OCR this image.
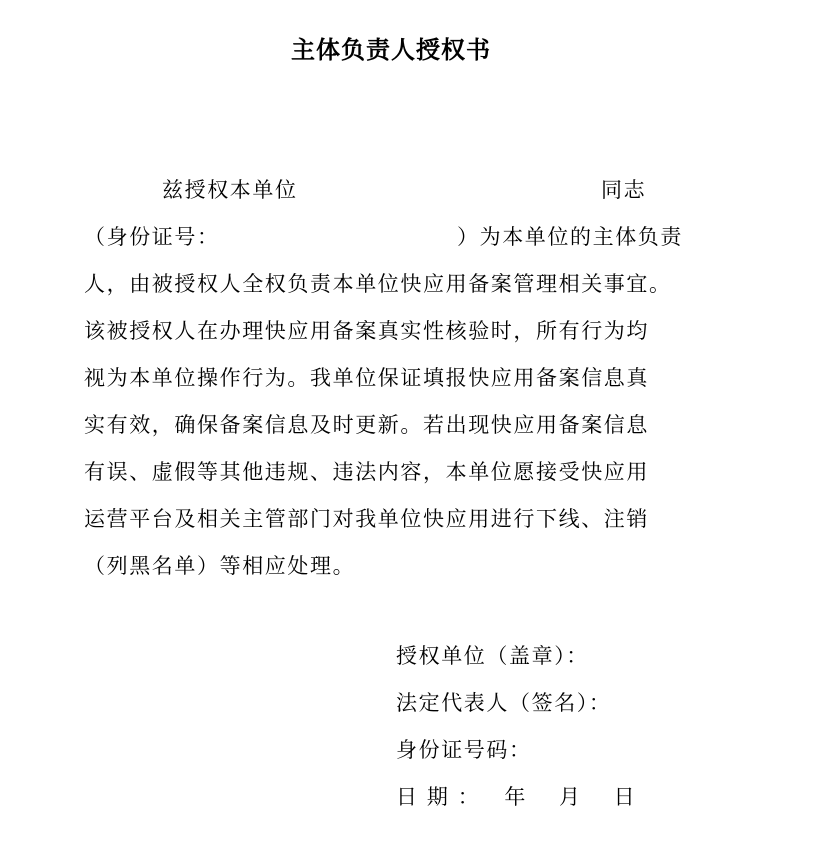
主体负责人授权书
兹授权本单位	同志
（身份证号：	）为本单位的主体负责
人，由被授权人全权负责本单位快应用备案管理相关事宜。
该被授权人在办理快应用备案真实性核验时，所有行为均
视为本单位操作行为。我单位保证填报快应用备案信息真
实有效，确保备案信息及时更新。若出现快应用备案信息
有误、虚假等其他违规、违法内容，本单位愿接受快应用
运营平台及相关主管部门对我单位快应用进行下线、注销
（列黑名单）等相应处理。
授权单位（盖章）：
法定代表人（签名）：
身份证号码：
日 期 ： 年 月 日
